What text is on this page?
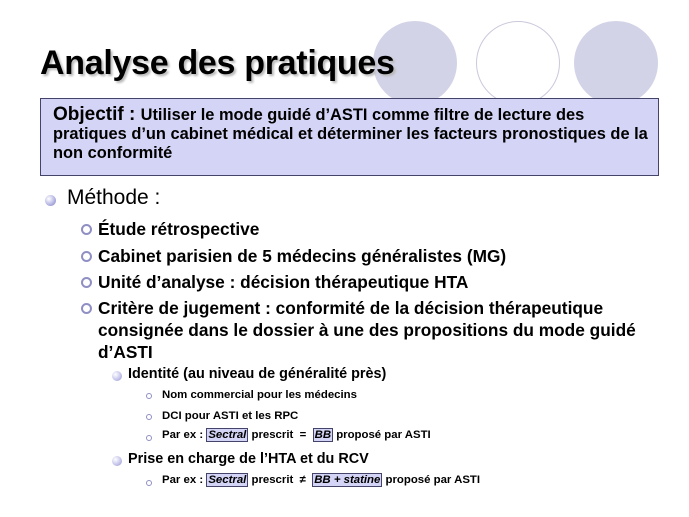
Analyse des pratiques
Objectif : Utiliser le mode guidé d’ASTI comme filtre de lecture des pratiques d’un cabinet médical et déterminer les facteurs pronostiques de la non conformité
Méthode :
Étude rétrospective
Cabinet parisien de 5 médecins généralistes (MG)
Unité d’analyse : décision thérapeutique HTA
Critère de jugement : conformité de la décision thérapeutique consignée dans le dossier à une des propositions du mode guidé d’ASTI
Identité (au niveau de généralité près)
Nom commercial pour les médecins
DCI pour ASTI et les RPC
Par ex : Sectral prescrit  =  BB proposé par ASTI
Prise en charge de l’HTA et du RCV
Par ex : Sectral prescrit  ≠  BB + statine proposé par ASTI
